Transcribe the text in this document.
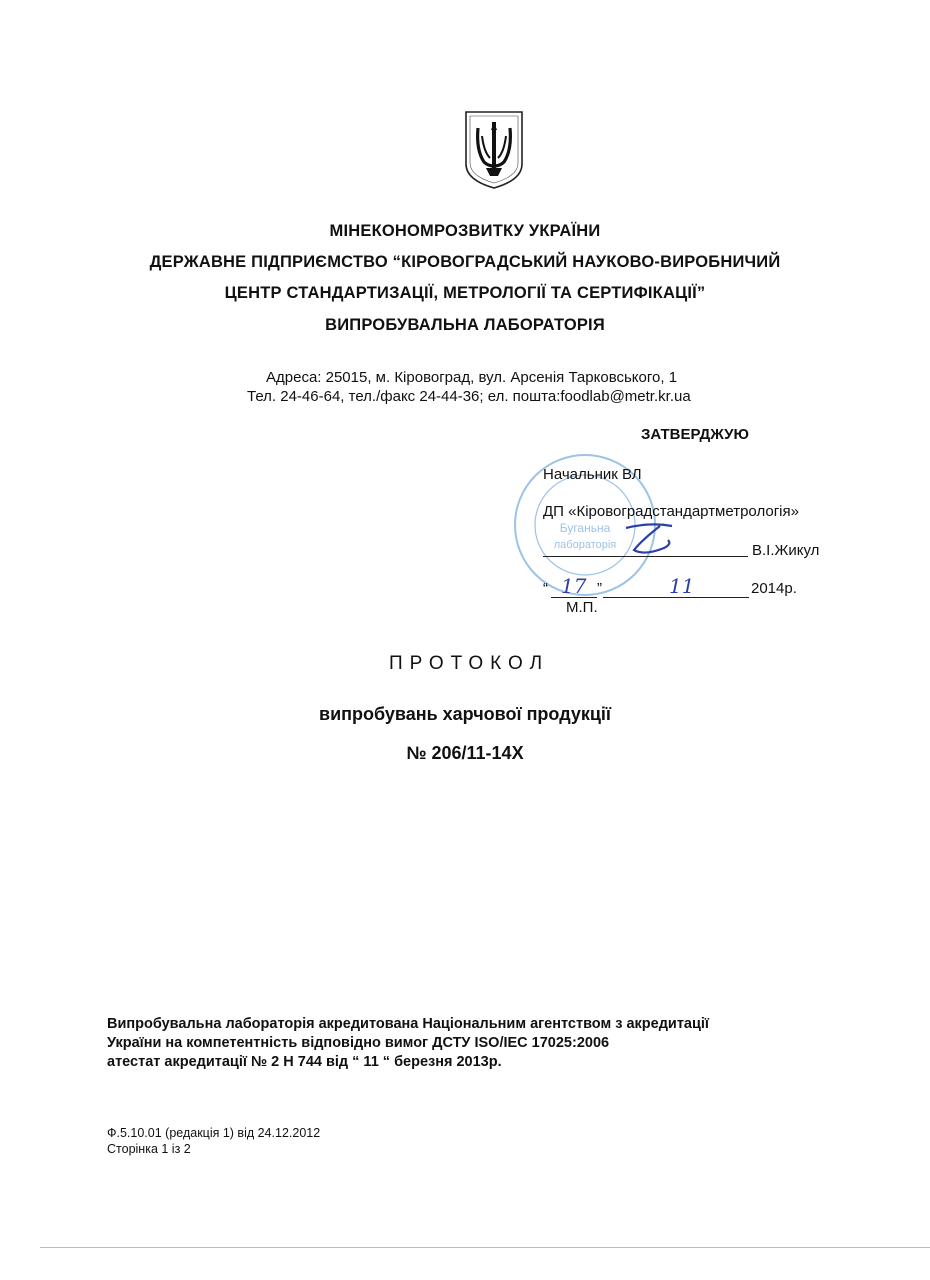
МІНЕКОНОМРОЗВИТКУ УКРАЇНИ
ДЕРЖАВНЕ ПІДПРИЄМСТВО “КІРОВОГРАДСЬКИЙ НАУКОВО-ВИРОБНИЧИЙ
ЦЕНТР СТАНДАРТИЗАЦІЇ, МЕТРОЛОГІЇ ТА СЕРТИФІКАЦІЇ”
ВИПРОБУВАЛЬНА ЛАБОРАТОРІЯ
Адреса: 25015, м. Кіровоград, вул. Арсенія Тарковського, 1
Тел. 24-46-64, тел./факс 24-44-36; ел. пошта:foodlab@metr.kr.ua
Буганьна
лабораторія
ЗАТВЕРДЖУЮ
Начальник ВЛ
ДП «Кіровоградстандартметрологія»
В.І.Жикул
“ 17 ”	11	2014р.
М.П.
ПРОТОКОЛ
випробувань харчової продукції
№ 206/11-14Х
Випробувальна лабораторія акредитована Національним агентством з акредитації
України на компетентність відповідно вимог ДСТУ ISO/IEC 17025:2006
атестат акредитації № 2 Н 744 від “ 11 “ березня 2013р.
Ф.5.10.01 (редакція 1) від 24.12.2012
Сторінка 1 із 2
